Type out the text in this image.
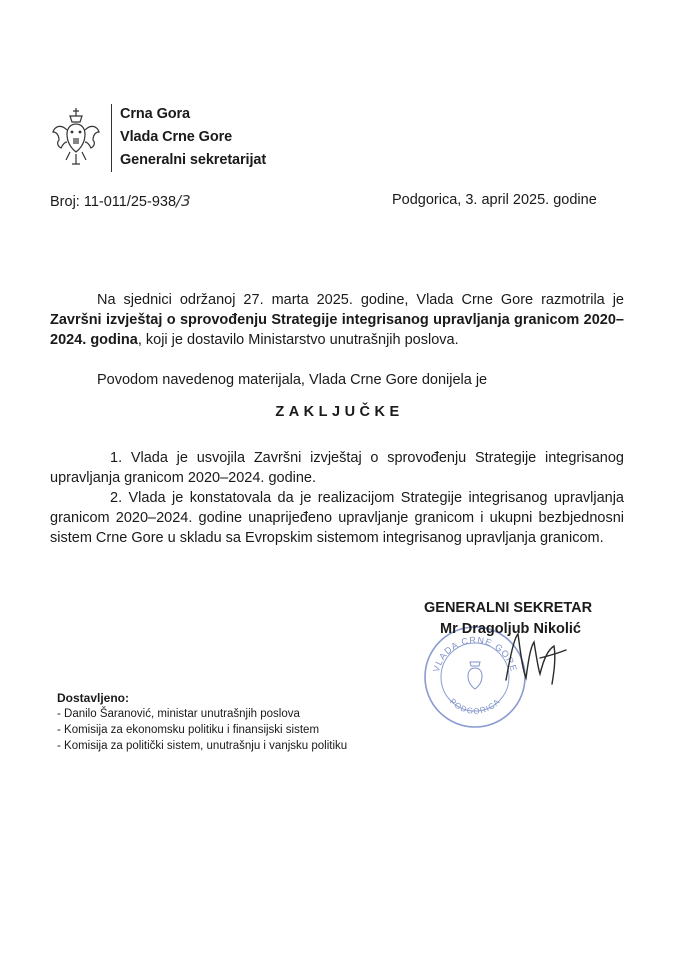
Crna Gora
Vlada Crne Gore
Generalni sekretarijat
Broj: 11-011/25-938/3	Podgorica, 3. april 2025. godine
Na sjednici održanoj 27. marta 2025. godine, Vlada Crne Gore razmotrila je Završni izvještaj o sprovođenju Strategije integrisanog upravljanja granicom 2020–2024. godina, koji je dostavilo Ministarstvo unutrašnjih poslova.
Povodom navedenog materijala, Vlada Crne Gore donijela je
ZAKLJUČKE
1. Vlada je usvojila Završni izvještaj o sprovođenju Strategije integrisanog upravljanja granicom 2020–2024. godine.
2. Vlada je konstatovala da je realizacijom Strategije integrisanog upravljanja granicom 2020–2024. godine unaprijeđeno upravljanje granicom i ukupni bezbjednosni sistem Crne Gore u skladu sa Evropskim sistemom integrisanog upravljanja granicom.
VLADA CRNE GORE
PODGORICA
GENERALNI SEKRETAR
Mr Dragoljub Nikolić
Dostavljeno:
- Danilo Šaranović, ministar unutrašnjih poslova
- Komisija za ekonomsku politiku i finansijski sistem
- Komisija za politički sistem, unutrašnju i vanjsku politiku
